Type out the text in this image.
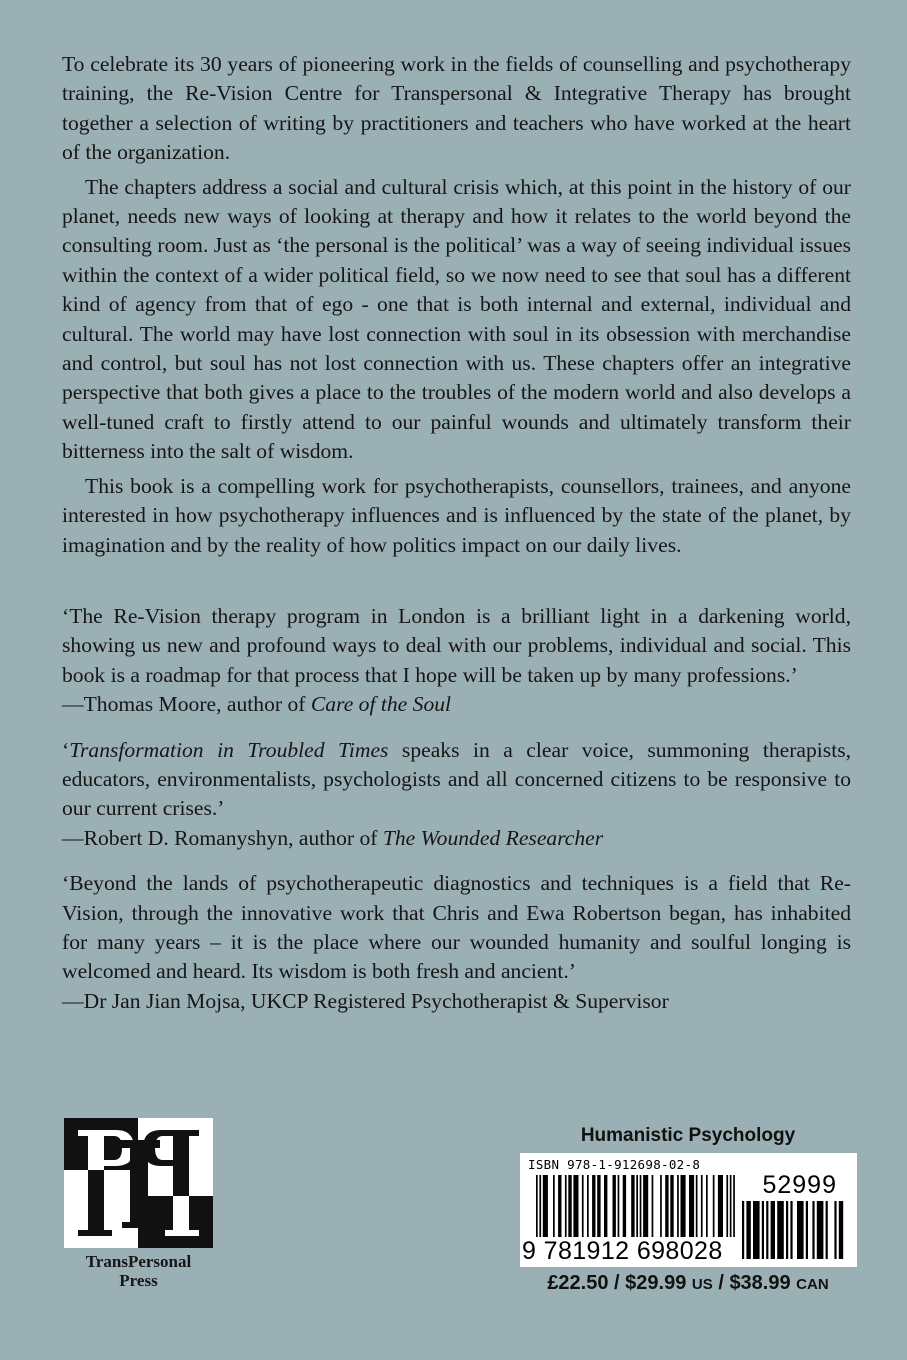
To celebrate its 30 years of pioneering work in the fields of counselling and psychotherapy training, the Re-Vision Centre for Transpersonal & Integrative Therapy has brought together a selection of writing by practitioners and teachers who have worked at the heart of the organization.

The chapters address a social and cultural crisis which, at this point in the history of our planet, needs new ways of looking at therapy and how it relates to the world beyond the consulting room. Just as ‘the personal is the political’ was a way of seeing individual issues within the context of a wider political field, so we now need to see that soul has a different kind of agency from that of ego - one that is both internal and external, individual and cultural. The world may have lost connection with soul in its obsession with merchandise and control, but soul has not lost connection with us. These chapters offer an integrative perspective that both gives a place to the troubles of the modern world and also develops a well-tuned craft to firstly attend to our painful wounds and ultimately transform their bitterness into the salt of wisdom.

This book is a compelling work for psychotherapists, counsellors, trainees, and anyone interested in how psychotherapy influences and is influenced by the state of the planet, by imagination and by the reality of how politics impact on our daily lives.

‘The Re-Vision therapy program in London is a brilliant light in a darkening world, showing us new and profound ways to deal with our problems, individual and social. This book is a roadmap for that process that I hope will be taken up by many professions.’

—Thomas Moore, author of Care of the Soul

‘Transformation in Troubled Times speaks in a clear voice, summoning therapists, educators, environmentalists, psychologists and all concerned citizens to be responsive to our current crises.’

—Robert D. Romanyshyn, author of The Wounded Researcher

‘Beyond the lands of psychotherapeutic diagnostics and techniques is a field that Re-Vision, through the innovative work that Chris and Ewa Robertson began, has inhabited for many years – it is the place where our wounded humanity and soulful longing is welcomed and heard. Its wisdom is both fresh and ancient.’

—Dr Jan Jian Mojsa, UKCP Registered Psychotherapist & Supervisor

TransPersonal
Press
Humanistic Psychology
ISBN 978-1-912698-02-8
52999
9 781912 698028
£22.50 / $29.99 US / $38.99 CAN
